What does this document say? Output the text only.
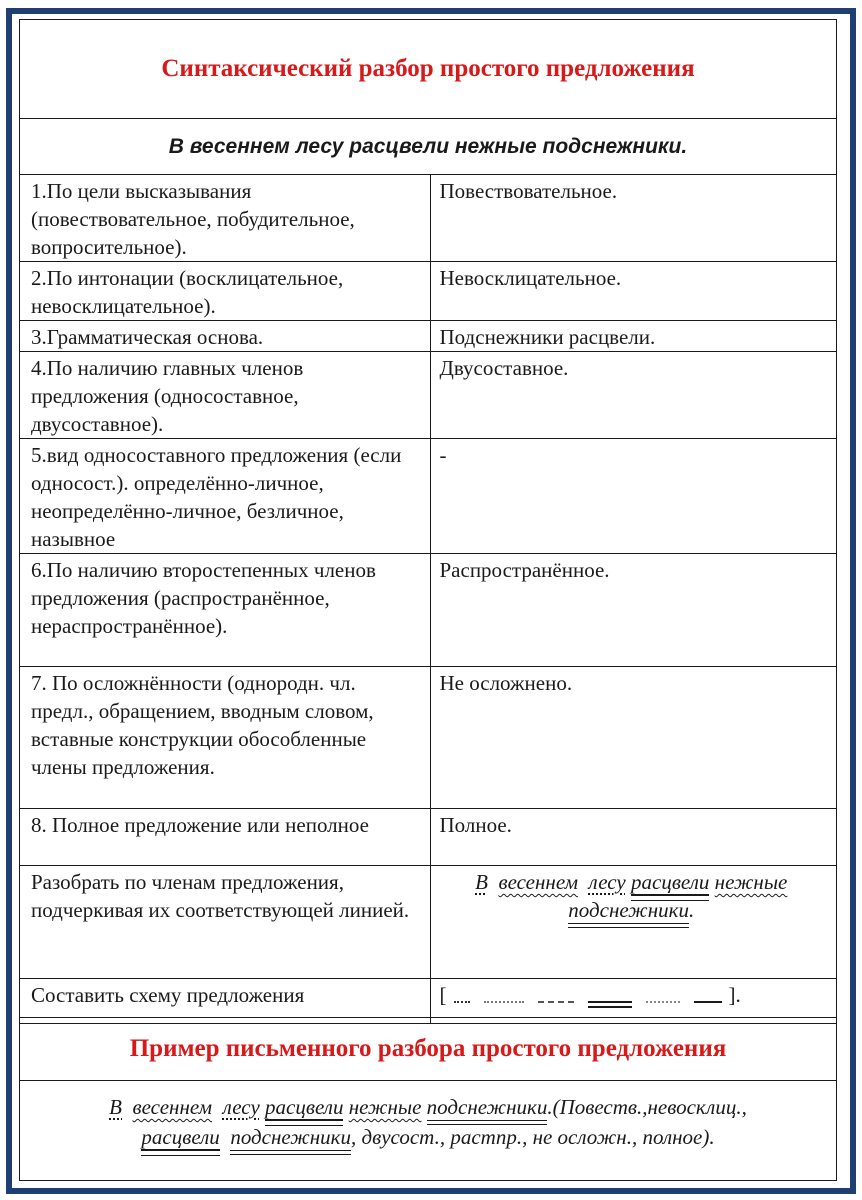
Синтаксический разбор простого предложения
В весеннем лесу расцвели нежные подснежники.
1.По цели высказывания (повествовательное, побудительное, вопросительное).	Повествовательное.
2.По интонации (восклицательное, невосклицательное).	Невосклицательное.
3.Грамматическая основа.	Подснежники расцвели.
4.По наличию главных членов предложения (односоставное, двусоставное).	Двусоставное.
5.вид односоставного предложения (если односост.). определённо-личное, неопределённо-личное, безличное, назывное	-
6.По наличию второстепенных членов предложения (распространённое, нераспространённое).	Распространённое.
7. По осложнённости (однородн. чл. предл., обращением, вводным словом, вставные конструкции обособленные члены предложения.	Не осложнено.
8. Полное предложение или неполное	Полное.
Разобрать по членам предложения, подчеркивая их соответствующей линией.	В весеннем лесу расцвели нежные подснежники.
Составить схему предложения	[ ].
Пример письменного разбора простого предложения
В весеннем лесу расцвели нежные подснежники.(Повеств.,невосклиц.,
расцвели подснежники, двусост., растпр., не осложн., полное).
